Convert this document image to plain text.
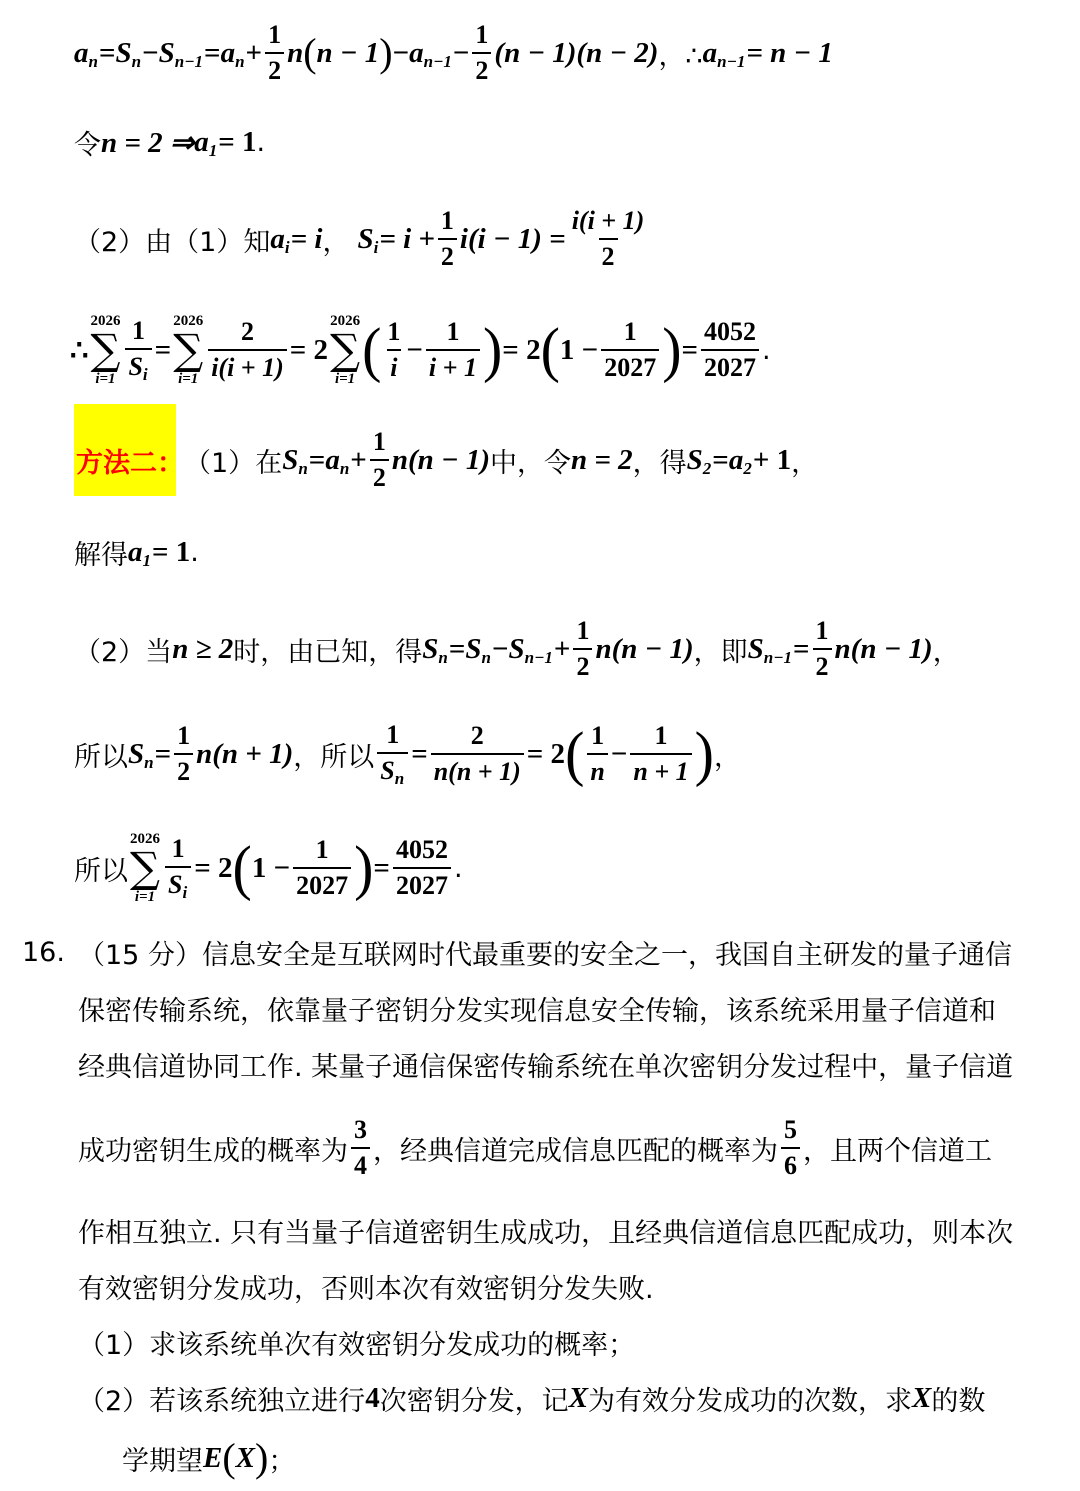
a n = S n − S n−1 = a $n + \frac{1}{2}$ n ( n − 1 ) − a $n-1 - \frac{1}{2} (n - 1) (n - 2)$ ，∴ a n−1 = n − 1
令 n = 2 ⇒ a 1 = 1 .
（2）由（1）知 a i = i ， S $i = i + \frac{1}{2} i(i - 1) = \frac{i(i + 1)}{2}$
∴
2026
∑
$i=1 \frac{1}{Si}$ =
2026
∑
$i=1 \frac{2}{i(i + 1)} = 2$
2026
∑
i=1 ( $\frac{1}{i} - \frac{1}{i + 1}$ ) = 2 ( $1 - \frac{1}{2027}$ ) = $\frac{4052}{2027}$ .
方法二： （1）在 S n = a $n + \frac{1}{2} n(n - 1)$ 中，令 n = 2 ，得 S 2 = a 2 + 1 ，
解得 a 1 = 1 .
（2）当 n ≥ 2 时，由已知，得 S n = S n − S $n-1 + \frac{1}{2} n(n - 1)$ ，即 S $n-1 = \frac{1}{2} n(n - 1)$ ，
所以 S $n = \frac{1}{2} n(n + 1)$ ，所以 $\frac{1}{Sn} = \frac{2}{n(n + 1)} = 2$ ( $\frac{1}{n} - \frac{1}{n + 1}$ ) ，
所以
2026
∑
$i=1 \frac{1}{Si} = 2$ ( $1 - \frac{1}{2027}$ ) = $\frac{4052}{2027}$ .
16. （15 分）信息安全是互联网时代最重要的安全之一，我国自主研发的量子通信
保密传输系统，依靠量子密钥分发实现信息安全传输，该系统采用量子信道和
经典信道协同工作. 某量子通信保密传输系统在单次密钥分发过程中，量子信道
成功密钥生成的概率为 $\frac{3}{4}$ ，经典信道完成信息匹配的概率为 $\frac{5}{6}$ ，且两个信道工
作相互独立. 只有当量子信道密钥生成成功，且经典信道信息匹配成功，则本次
有效密钥分发成功，否则本次有效密钥分发失败.
（1）求该系统单次有效密钥分发成功的概率；
（2）若该系统独立进行 4 次密钥分发，记 X 为有效分发成功的次数，求 X 的数
学期望 E ( X ) ；
